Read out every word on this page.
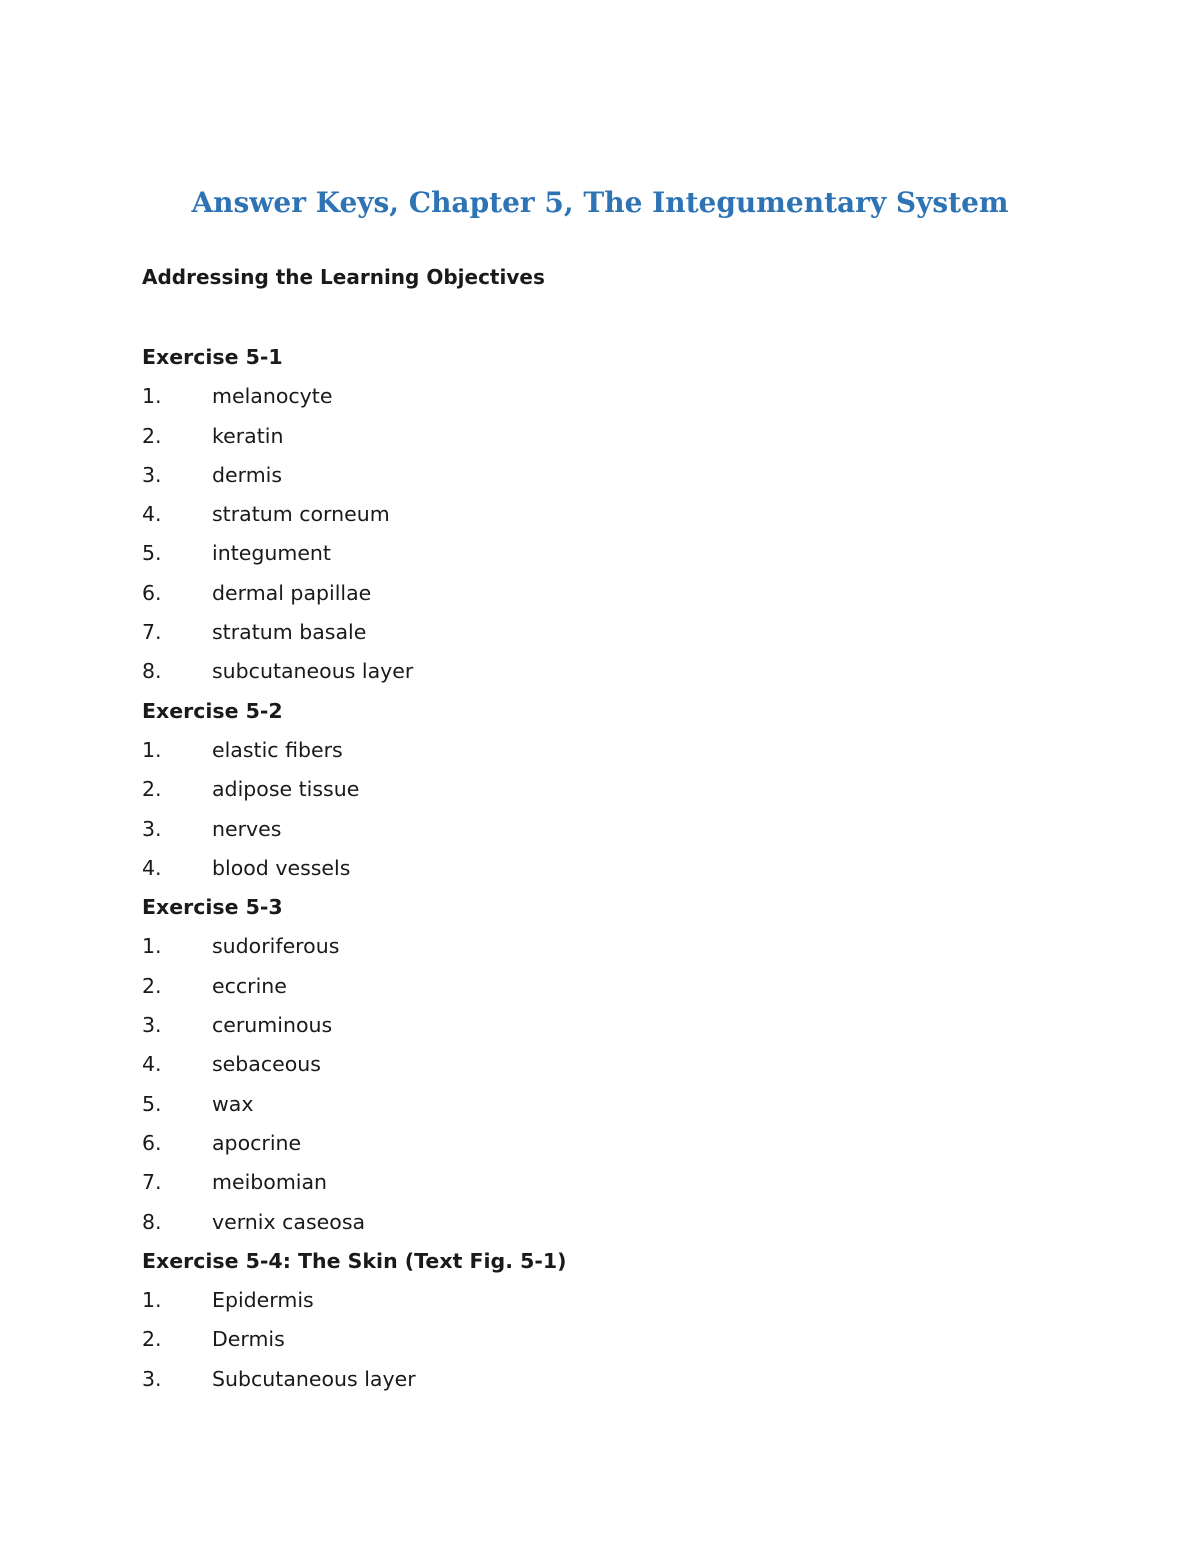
Answer Keys, Chapter 5, The Integumentary System
Addressing the Learning Objectives
Exercise 5-1
1. melanocyte
2. keratin
3. dermis
4. stratum corneum
5. integument
6. dermal papillae
7. stratum basale
8. subcutaneous layer
Exercise 5-2
1. elastic fibers
2. adipose tissue
3. nerves
4. blood vessels
Exercise 5-3
1. sudoriferous
2. eccrine
3. ceruminous
4. sebaceous
5. wax
6. apocrine
7. meibomian
8. vernix caseosa
Exercise 5-4: The Skin (Text Fig. 5-1)
1. Epidermis
2. Dermis
3. Subcutaneous layer
